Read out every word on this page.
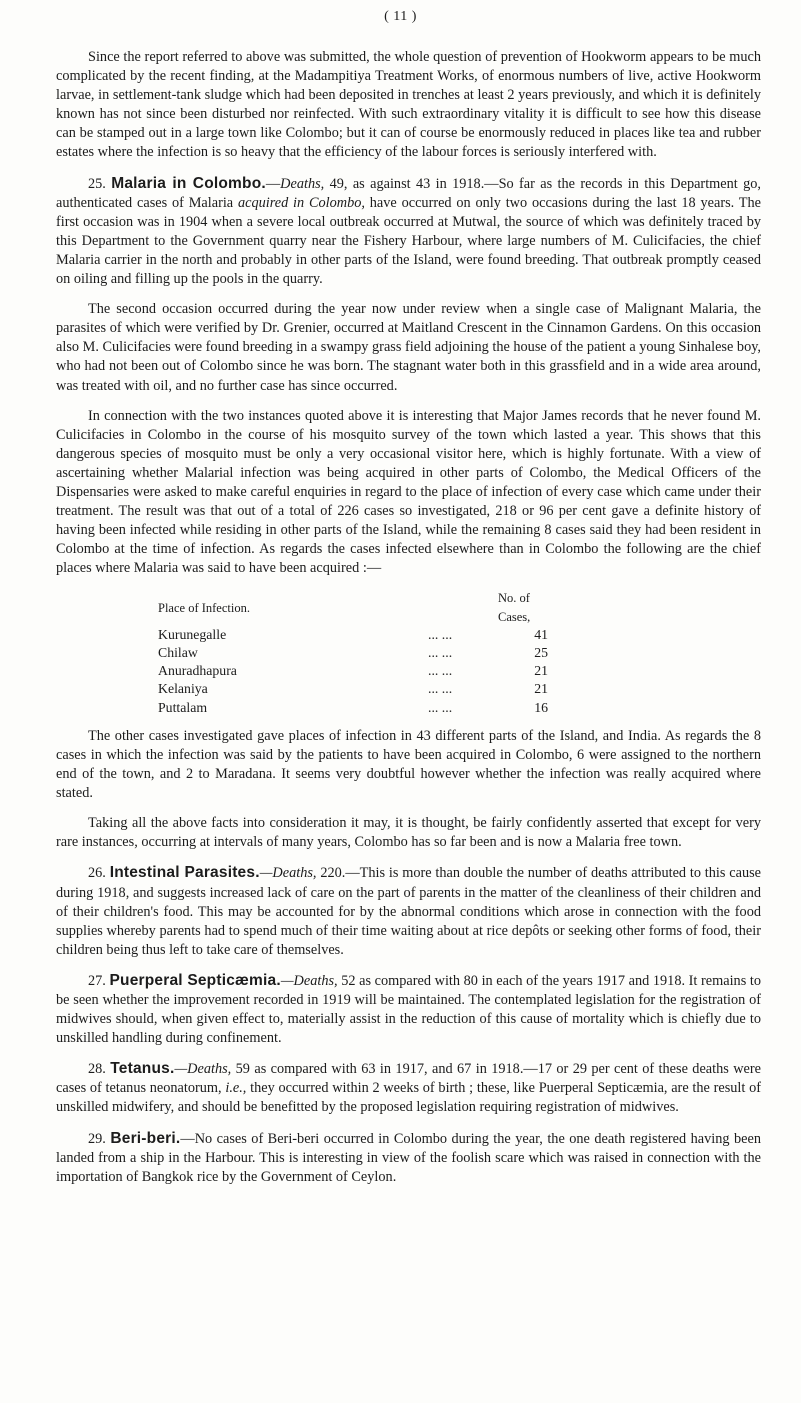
( 11 )

Since the report referred to above was submitted, the whole question of prevention of Hookworm appears to be much complicated by the recent finding, at the Madampitiya Treatment Works, of enormous numbers of live, active Hookworm larvae, in settlement-tank sludge which had been deposited in trenches at least 2 years previously, and which it is definitely known has not since been disturbed nor reinfected. With such extraordinary vitality it is difficult to see how this disease can be stamped out in a large town like Colombo; but it can of course be enormously reduced in places like tea and rubber estates where the infection is so heavy that the efficiency of the labour forces is seriously interfered with.

25. Malaria in Colombo.—Deaths, 49, as against 43 in 1918.—So far as the records in this Department go, authenticated cases of Malaria acquired in Colombo, have occurred on only two occasions during the last 18 years. The first occasion was in 1904 when a severe local outbreak occurred at Mutwal, the source of which was definitely traced by this Department to the Government quarry near the Fishery Harbour, where large numbers of M. Culicifacies, the chief Malaria carrier in the north and probably in other parts of the Island, were found breeding. That outbreak promptly ceased on oiling and filling up the pools in the quarry.

The second occasion occurred during the year now under review when a single case of Malignant Malaria, the parasites of which were verified by Dr. Grenier, occurred at Maitland Crescent in the Cinnamon Gardens. On this occasion also M. Culicifacies were found breeding in a swampy grass field adjoining the house of the patient a young Sinhalese boy, who had not been out of Colombo since he was born. The stagnant water both in this grassfield and in a wide area around, was treated with oil, and no further case has since occurred.

In connection with the two instances quoted above it is interesting that Major James records that he never found M. Culicifacies in Colombo in the course of his mosquito survey of the town which lasted a year. This shows that this dangerous species of mosquito must be only a very occasional visitor here, which is highly fortunate. With a view of ascertaining whether Malarial infection was being acquired in other parts of Colombo, the Medical Officers of the Dispensaries were asked to make careful enquiries in regard to the place of infection of every case which came under their treatment. The result was that out of a total of 226 cases so investigated, 218 or 96 per cent gave a definite history of having been infected while residing in other parts of the Island, while the remaining 8 cases said they had been resident in Colombo at the time of infection. As regards the cases infected elsewhere than in Colombo the following are the chief places where Malaria was said to have been acquired :—

Place of Infection.		No. of Cases,
Kurunegalle	... ...	41
Chilaw	... ...	25
Anuradhapura	... ...	21
Kelaniya	... ...	21
Puttalam	... ...	16

The other cases investigated gave places of infection in 43 different parts of the Island, and India. As regards the 8 cases in which the infection was said by the patients to have been acquired in Colombo, 6 were assigned to the northern end of the town, and 2 to Maradana. It seems very doubtful however whether the infection was really acquired where stated.

Taking all the above facts into consideration it may, it is thought, be fairly confidently asserted that except for very rare instances, occurring at intervals of many years, Colombo has so far been and is now a Malaria free town.

26. Intestinal Parasites.—Deaths, 220.—This is more than double the number of deaths attributed to this cause during 1918, and suggests increased lack of care on the part of parents in the matter of the cleanliness of their children and of their children's food. This may be accounted for by the abnormal conditions which arose in connection with the food supplies whereby parents had to spend much of their time waiting about at rice depôts or seeking other forms of food, their children being thus left to take care of themselves.

27. Puerperal Septicæmia.—Deaths, 52 as compared with 80 in each of the years 1917 and 1918. It remains to be seen whether the improvement recorded in 1919 will be maintained. The contemplated legislation for the registration of midwives should, when given effect to, materially assist in the reduction of this cause of mortality which is chiefly due to unskilled handling during confinement.

28. Tetanus.—Deaths, 59 as compared with 63 in 1917, and 67 in 1918.—17 or 29 per cent of these deaths were cases of tetanus neonatorum, i.e., they occurred within 2 weeks of birth ; these, like Puerperal Septicæmia, are the result of unskilled midwifery, and should be benefitted by the proposed legislation requiring registration of midwives.

29. Beri-beri.—No cases of Beri-beri occurred in Colombo during the year, the one death registered having been landed from a ship in the Harbour. This is interesting in view of the foolish scare which was raised in connection with the importation of Bangkok rice by the Government of Ceylon.
